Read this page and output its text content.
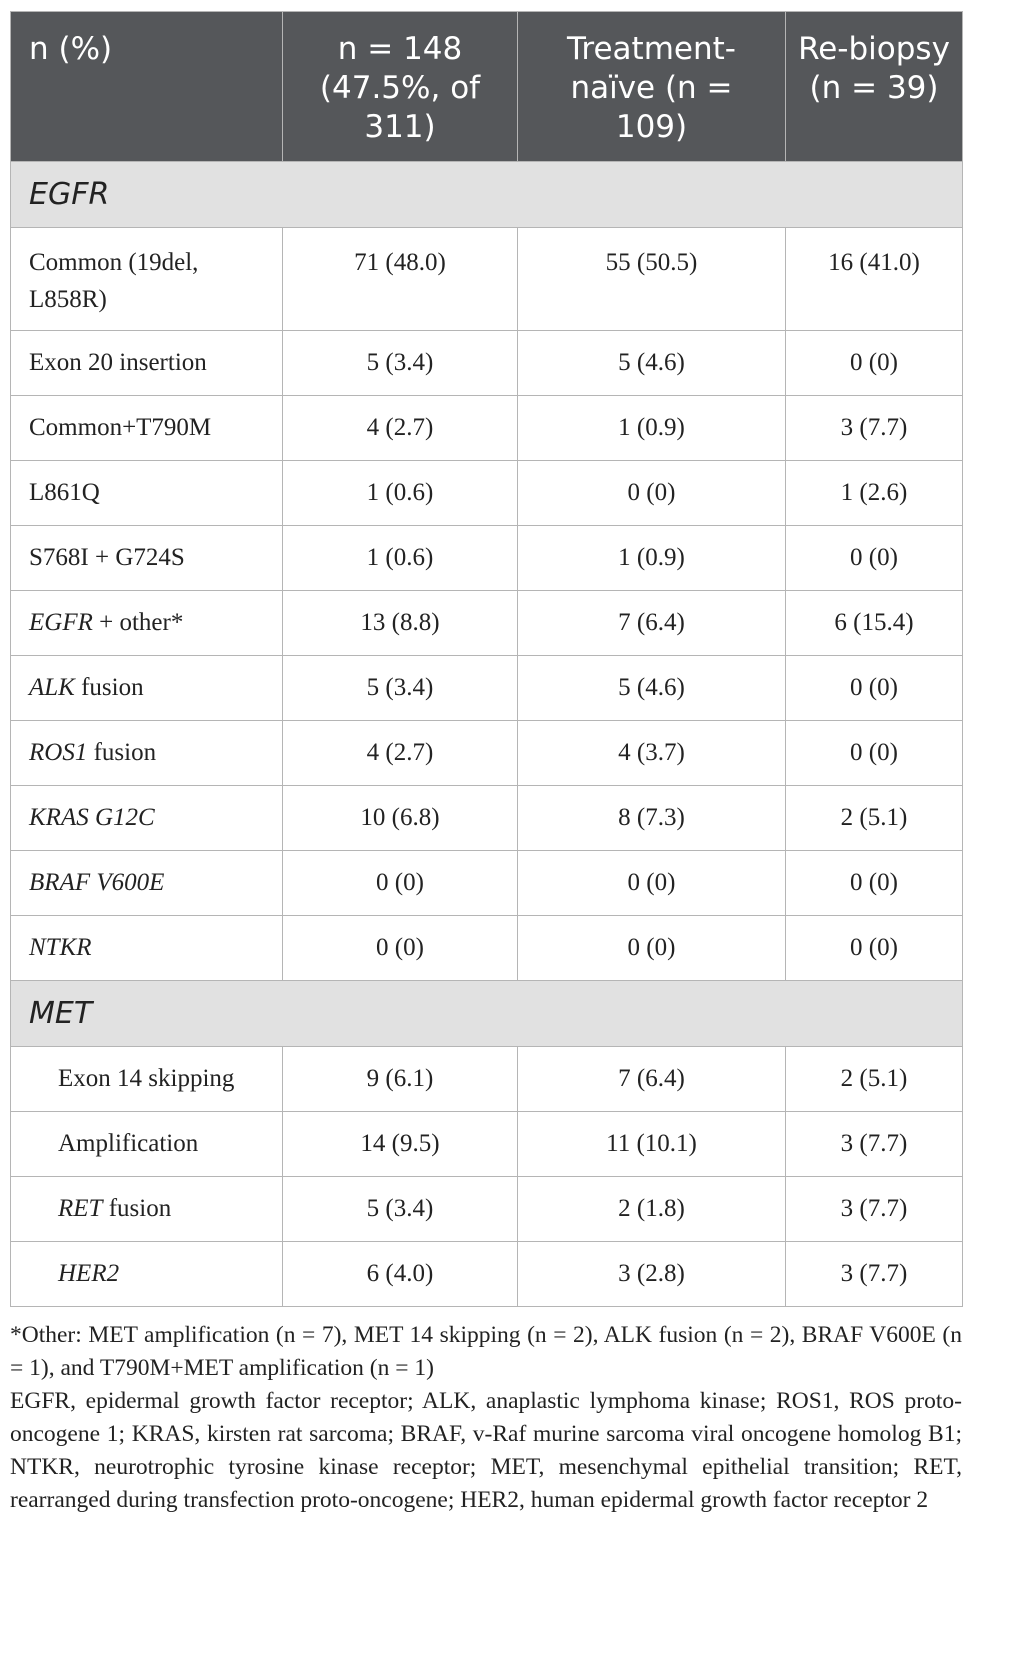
n (%)	n = 148 (47.5%, of 311)	Treatment-naïve (n = 109)	Re-biopsy (n = 39)
EGFR			
Common (19del, L858R)	71 (48.0)	55 (50.5)	16 (41.0)
Exon 20 insertion	5 (3.4)	5 (4.6)	0 (0)
Common+T790M	4 (2.7)	1 (0.9)	3 (7.7)
L861Q	1 (0.6)	0 (0)	1 (2.6)
S768I + G724S	1 (0.6)	1 (0.9)	0 (0)
EGFR + other*	13 (8.8)	7 (6.4)	6 (15.4)
ALK fusion	5 (3.4)	5 (4.6)	0 (0)
ROS1 fusion	4 (2.7)	4 (3.7)	0 (0)
KRAS G12C	10 (6.8)	8 (7.3)	2 (5.1)
BRAF V600E	0 (0)	0 (0)	0 (0)
NTKR	0 (0)	0 (0)	0 (0)
MET			
Exon 14 skipping	9 (6.1)	7 (6.4)	2 (5.1)
Amplification	14 (9.5)	11 (10.1)	3 (7.7)
RET fusion	5 (3.4)	2 (1.8)	3 (7.7)
HER2	6 (4.0)	3 (2.8)	3 (7.7)

*Other: MET amplification (n = 7), MET 14 skipping (n = 2), ALK fusion (n = 2), BRAF V600E (n = 1), and T790M+MET amplification (n = 1)

EGFR, epidermal growth factor receptor; ALK, anaplastic lymphoma kinase; ROS1, ROS proto-oncogene 1; KRAS, kirsten rat sarcoma; BRAF, v-Raf murine sarcoma viral oncogene homolog B1; NTKR, neurotrophic tyrosine kinase receptor; MET, mesenchymal epithelial transition; RET, rearranged during transfection proto-oncogene; HER2, human epidermal growth factor receptor 2
